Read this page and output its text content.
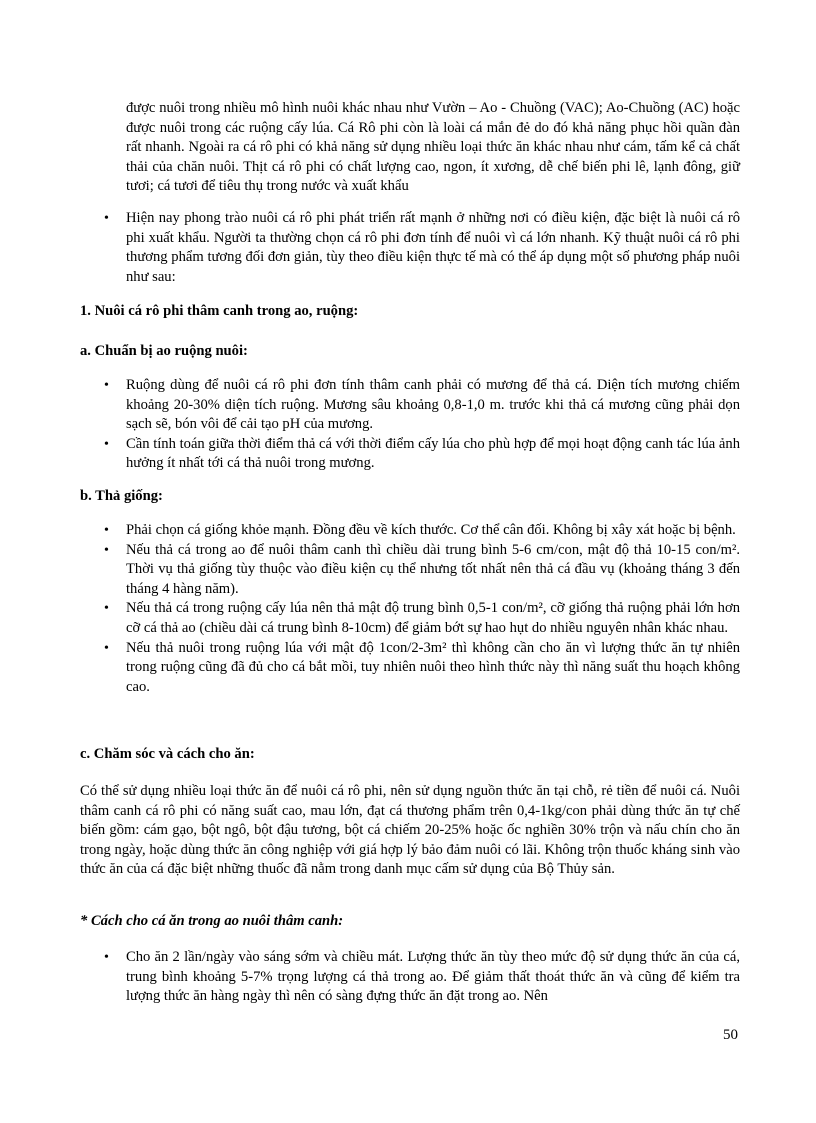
được nuôi trong nhiều mô hình nuôi khác nhau như Vườn – Ao - Chuồng (VAC); Ao-Chuồng (AC) hoặc được nuôi trong các ruộng cấy lúa. Cá Rô phi còn là loài cá mắn đẻ do đó khả năng phục hồi quần đàn rất nhanh. Ngoài ra cá rô phi có khả năng sử dụng nhiều loại thức ăn khác nhau như cám, tấm kể cả chất thải của chăn nuôi. Thịt cá rô phi có chất lượng cao, ngon, ít xương, dễ chế biến phi lê, lạnh đông, giữ tươi; cá tươi để tiêu thụ trong nước và xuất khẩu
• Hiện nay phong trào nuôi cá rô phi phát triển rất mạnh ở những nơi có điều kiện, đặc biệt là nuôi cá rô phi xuất khẩu. Người ta thường chọn cá rô phi đơn tính để nuôi vì cá lớn nhanh. Kỹ thuật nuôi cá rô phi thương phẩm tương đối đơn giản, tùy theo điều kiện thực tế mà có thể áp dụng một số phương pháp nuôi như sau:

1. Nuôi cá rô phi thâm canh trong ao, ruộng:

a. Chuẩn bị ao ruộng nuôi:

• Ruộng dùng để nuôi cá rô phi đơn tính thâm canh phải có mương để thả cá. Diện tích mương chiếm khoảng 20-30% diện tích ruộng. Mương sâu khoảng 0,8-1,0 m. trước khi thả cá mương cũng phải dọn sạch sẽ, bón vôi để cải tạo pH của mương.
• Cần tính toán giữa thời điểm thả cá với thời điểm cấy lúa cho phù hợp để mọi hoạt động canh tác lúa ảnh hưởng ít nhất tới cá thả nuôi trong mương.

b. Thả giống:

• Phải chọn cá giống khỏe mạnh. Đồng đều về kích thước. Cơ thể cân đối. Không bị xây xát hoặc bị bệnh.
• Nếu thả cá trong ao để nuôi thâm canh thì chiều dài trung bình 5-6 cm/con, mật độ thả 10-15 con/m². Thời vụ thả giống tùy thuộc vào điều kiện cụ thể nhưng tốt nhất nên thả cá đầu vụ (khoảng tháng 3 đến tháng 4 hàng năm).
• Nếu thả cá trong ruộng cấy lúa nên thả mật độ trung bình 0,5-1 con/m², cỡ giống thả ruộng phải lớn hơn cỡ cá thả ao (chiều dài cá trung bình 8-10cm) để giảm bớt sự hao hụt do nhiều nguyên nhân khác nhau.
• Nếu thả nuôi trong ruộng lúa với mật độ 1con/2-3m² thì không cần cho ăn vì lượng thức ăn tự nhiên trong ruộng cũng đã đủ cho cá bắt mồi, tuy nhiên nuôi theo hình thức này thì năng suất thu hoạch không cao.

c. Chăm sóc và cách cho ăn:

Có thể sử dụng nhiều loại thức ăn để nuôi cá rô phi, nên sử dụng nguồn thức ăn tại chỗ, rẻ tiền để nuôi cá. Nuôi thâm canh cá rô phi có năng suất cao, mau lớn, đạt cá thương phẩm trên 0,4-1kg/con phải dùng thức ăn tự chế biến gồm: cám gạo, bột ngô, bột đậu tương, bột cá chiếm 20-25% hoặc ốc nghiền 30% trộn và nấu chín cho ăn trong ngày, hoặc dùng thức ăn công nghiệp với giá hợp lý bảo đảm nuôi có lãi. Không trộn thuốc kháng sinh vào thức ăn của cá đặc biệt những thuốc đã nằm trong danh mục cấm sử dụng của Bộ Thủy sản.

* Cách cho cá ăn trong ao nuôi thâm canh:

• Cho ăn 2 lần/ngày vào sáng sớm và chiều mát. Lượng thức ăn tùy theo mức độ sử dụng thức ăn của cá, trung bình khoảng 5-7% trọng lượng cá thả trong ao. Để giảm thất thoát thức ăn và cũng để kiểm tra lượng thức ăn hàng ngày thì nên có sàng đựng thức ăn đặt trong ao. Nên
50
